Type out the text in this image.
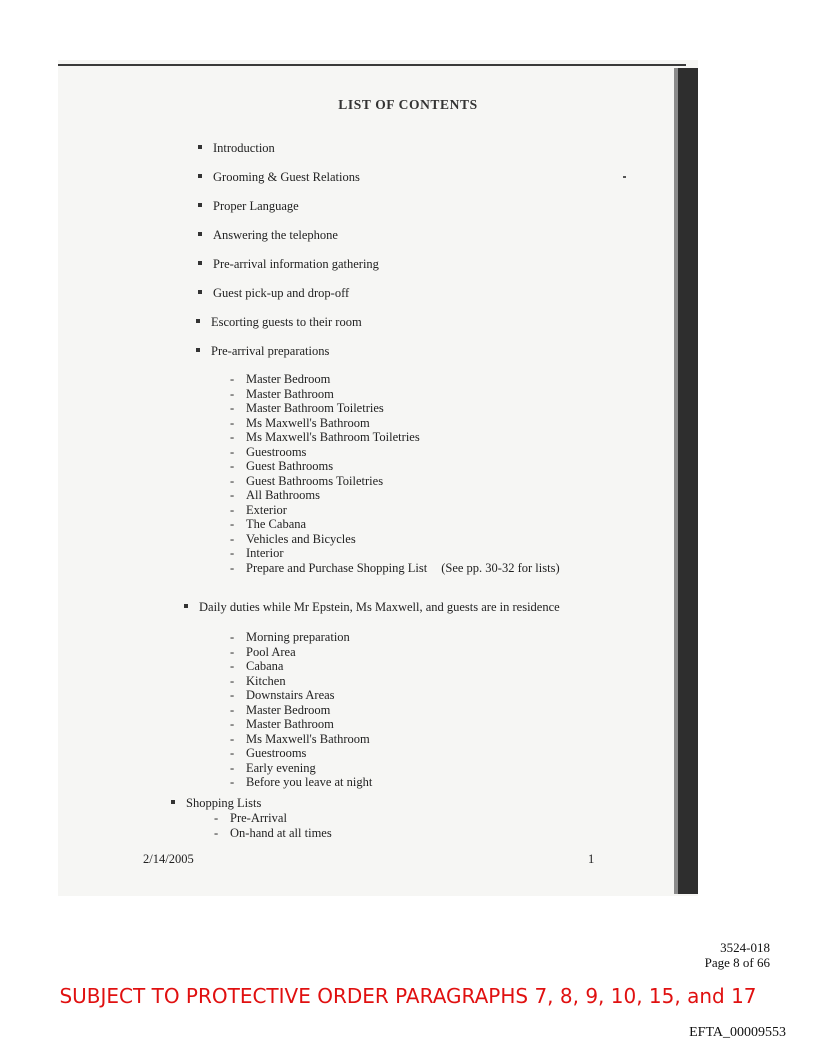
LIST OF CONTENTS
Introduction
Grooming & Guest Relations
Proper Language
Answering the telephone
Pre-arrival information gathering
Guest pick-up and drop-off
Escorting guests to their room
Pre-arrival preparations
- Master Bedroom
- Master Bathroom
- Master Bathroom Toiletries
- Ms Maxwell's Bathroom
- Ms Maxwell's Bathroom Toiletries
- Guestrooms
- Guest Bathrooms
- Guest Bathrooms Toiletries
- All Bathrooms
- Exterior
- The Cabana
- Vehicles and Bicycles
- Interior
- Prepare and Purchase Shopping List (See pp. 30-32 for lists)
Daily duties while Mr Epstein, Ms Maxwell, and guests are in residence
- Morning preparation
- Pool Area
- Cabana
- Kitchen
- Downstairs Areas
- Master Bedroom
- Master Bathroom
- Ms Maxwell's Bathroom
- Guestrooms
- Early evening
- Before you leave at night
Shopping Lists
- Pre-Arrival
- On-hand at all times
2/14/2005	1
3524-018
Page 8 of 66
SUBJECT TO PROTECTIVE ORDER PARAGRAPHS 7, 8, 9, 10, 15, and 17
EFTA_00009553
